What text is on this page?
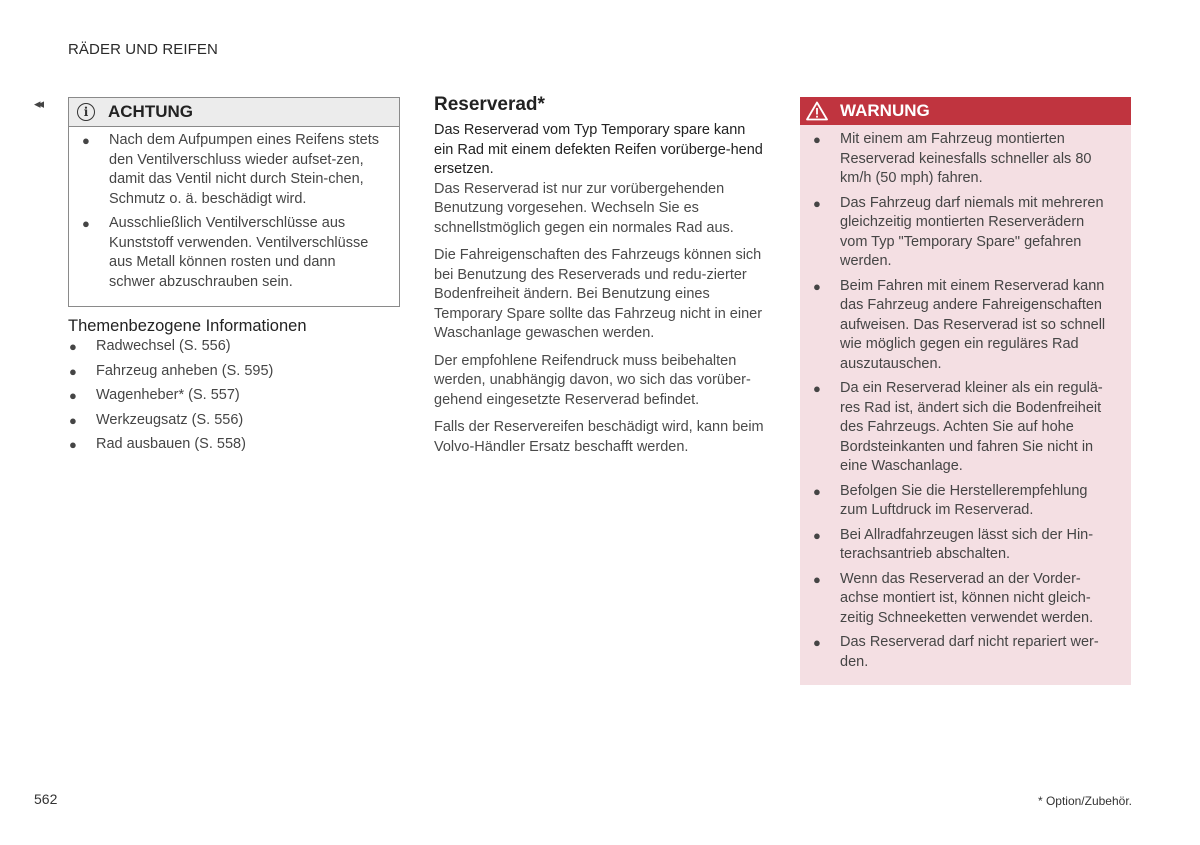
RÄDER UND REIFEN
◂◂
i	ACHTUNG
● Nach dem Aufpumpen eines Reifens stets den Ventilverschluss wieder aufset-zen, damit das Ventil nicht durch Stein-chen, Schmutz o. ä. beschädigt wird.
● Ausschließlich Ventilverschlüsse aus Kunststoff verwenden. Ventilverschlüsse aus Metall können rosten und dann schwer abzuschrauben sein.
Themenbezogene Informationen
● Radwechsel (S. 556)
● Fahrzeug anheben (S. 595)
● Wagenheber* (S. 557)
● Werkzeugsatz (S. 556)
● Rad ausbauen (S. 558)
Reserverad*

Das Reserverad vom Typ Temporary spare kann ein Rad mit einem defekten Reifen vorüberge-hend ersetzen.

Das Reserverad ist nur zur vorübergehenden Benutzung vorgesehen. Wechseln Sie es schnellstmöglich gegen ein normales Rad aus.

Die Fahreigenschaften des Fahrzeugs können sich bei Benutzung des Reserverads und redu-zierter Bodenfreiheit ändern. Bei Benutzung eines Temporary Spare sollte das Fahrzeug nicht in einer Waschanlage gewaschen werden.

Der empfohlene Reifendruck muss beibehalten werden, unabhängig davon, wo sich das vorüber-gehend eingesetzte Reserverad befindet.

Falls der Reservereifen beschädigt wird, kann beim Volvo-Händler Ersatz beschafft werden.

WARNUNG
● Mit einem am Fahrzeug montierten Reserverad keinesfalls schneller als 80 km/h (50 mph) fahren.
● Das Fahrzeug darf niemals mit mehreren gleichzeitig montierten Reserverädern vom Typ "Temporary Spare" gefahren werden.
● Beim Fahren mit einem Reserverad kann das Fahrzeug andere Fahreigenschaften aufweisen. Das Reserverad ist so schnell wie möglich gegen ein reguläres Rad auszutauschen.
● Da ein Reserverad kleiner als ein regulä-res Rad ist, ändert sich die Bodenfreiheit des Fahrzeugs. Achten Sie auf hohe Bordsteinkanten und fahren Sie nicht in eine Waschanlage.
● Befolgen Sie die Herstellerempfehlung zum Luftdruck im Reserverad.
● Bei Allradfahrzeugen lässt sich der Hin-terachsantrieb abschalten.
● Wenn das Reserverad an der Vorder-achse montiert ist, können nicht gleich-zeitig Schneeketten verwendet werden.
● Das Reserverad darf nicht repariert wer-den.
562	* Option/Zubehör.
